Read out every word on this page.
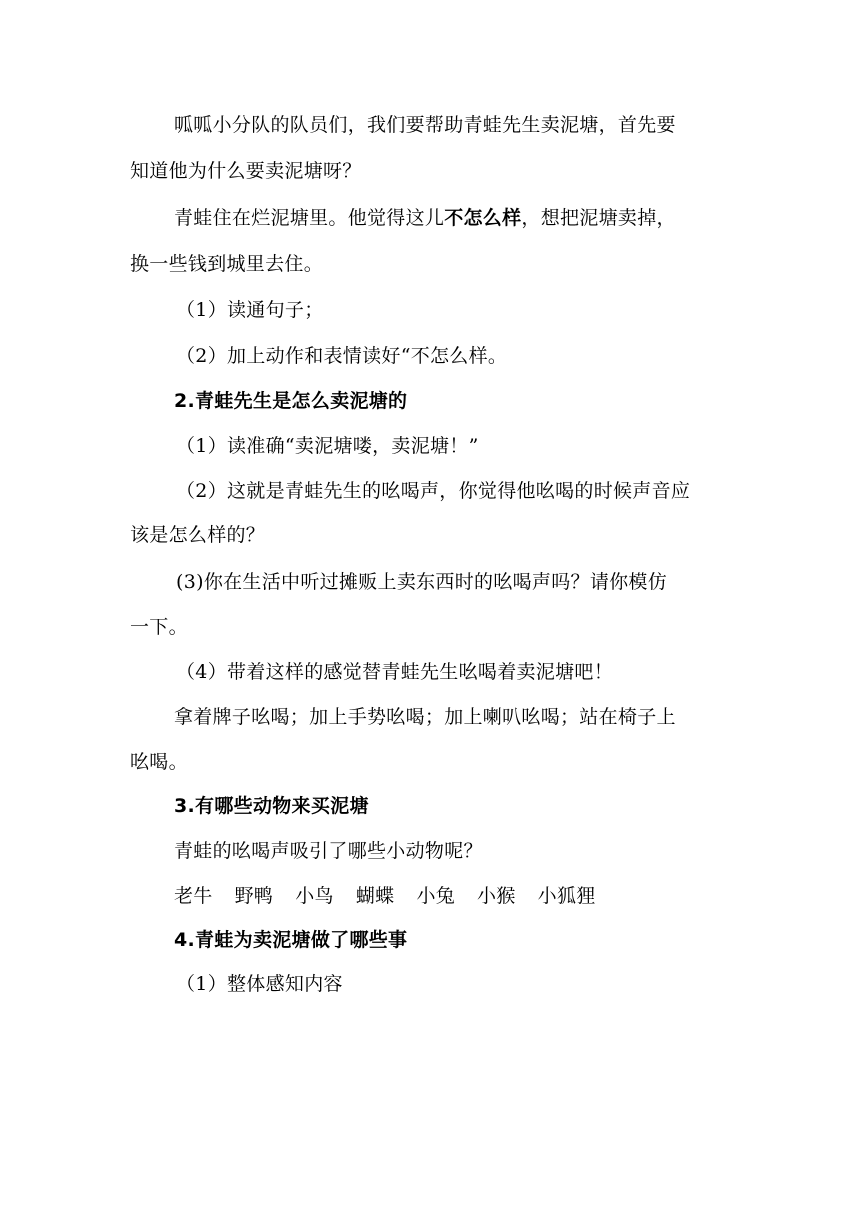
呱呱小分队的队员们，我们要帮助青蛙先生卖泥塘，首先要
知道他为什么要卖泥塘呀？
青蛙住在烂泥塘里。他觉得这儿不怎么样，想把泥塘卖掉，
换一些钱到城里去住。
（1）读通句子；
（2）加上动作和表情读好“不怎么样。
2.青蛙先生是怎么卖泥塘的
（1）读准确“卖泥塘喽，卖泥塘！”
（2）这就是青蛙先生的吆喝声，你觉得他吆喝的时候声音应
该是怎么样的？
(3)你在生活中听过摊贩上卖东西时的吆喝声吗？请你模仿
一下。
（4）带着这样的感觉替青蛙先生吆喝着卖泥塘吧！
拿着牌子吆喝；加上手势吆喝；加上喇叭吆喝；站在椅子上
吆喝。
3.有哪些动物来买泥塘
青蛙的吆喝声吸引了哪些小动物呢？
老牛 野鸭 小鸟 蝴蝶 小兔 小猴 小狐狸
4.青蛙为卖泥塘做了哪些事
（1）整体感知内容
